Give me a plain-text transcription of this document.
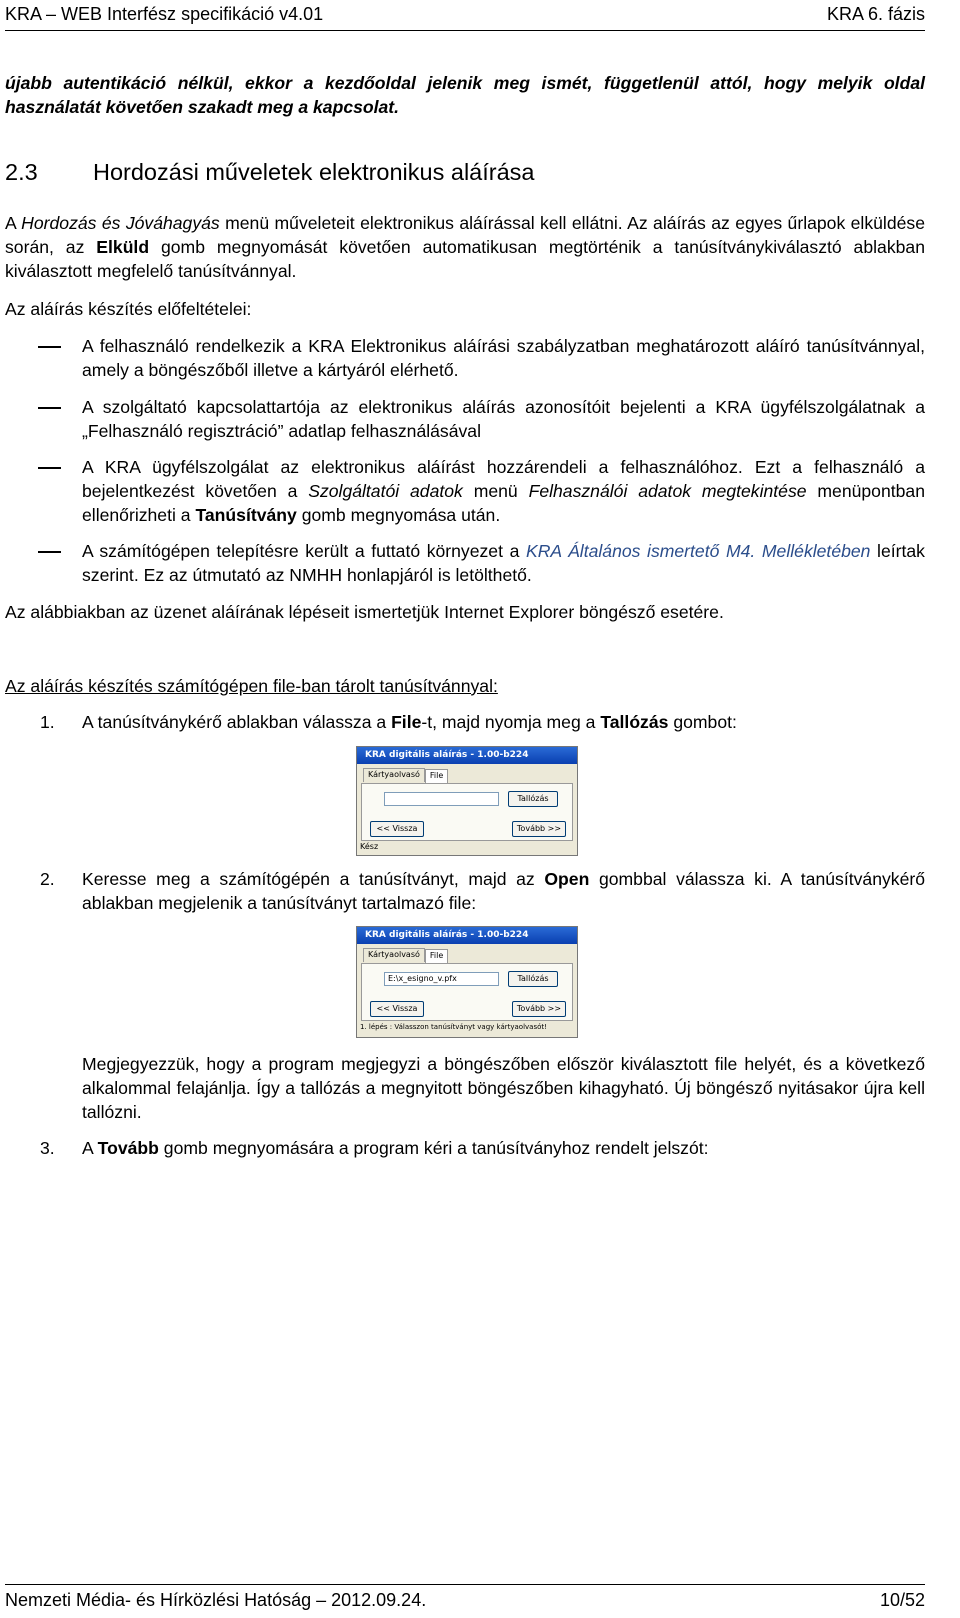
KRA – WEB Interfész specifikáció v4.01	KRA 6. fázis

újabb autentikáció nélkül, ekkor a kezdőoldal jelenik meg ismét, függetlenül attól, hogy melyik oldal használatát követően szakadt meg a kapcsolat.

2.3 Hordozási műveletek elektronikus aláírása

A Hordozás és Jóváhagyás menü műveleteit elektronikus aláírással kell ellátni. Az aláírás az egyes űrlapok elküldése során, az Elküld gomb megnyomását követően automatikusan megtörténik a tanúsítványkiválasztó ablakban kiválasztott megfelelő tanúsítvánnyal.

Az aláírás készítés előfeltételei:

A felhasználó rendelkezik a KRA Elektronikus aláírási szabályzatban meghatározott aláíró tanúsítvánnyal, amely a böngészőből illetve a kártyáról elérhető.

A szolgáltató kapcsolattartója az elektronikus aláírás azonosítóit bejelenti a KRA ügyfélszolgálatnak a „Felhasználó regisztráció” adatlap felhasználásával

A KRA ügyfélszolgálat az elektronikus aláírást hozzárendeli a felhasználóhoz. Ezt a felhasználó a bejelentkezést követően a Szolgáltatói adatok menü Felhasználói adatok megtekintése menüpontban ellenőrizheti a Tanúsítvány gomb megnyomása után.

A számítógépen telepítésre került a futtató környezet a KRA Általános ismertető M4. Mellékletében leírtak szerint. Ez az útmutató az NMHH honlapjáról is letölthető.

Az alábbiakban az üzenet aláírának lépéseit ismertetjük Internet Explorer böngésző esetére.

Az aláírás készítés számítógépen file-ban tárolt tanúsítvánnyal:

1. A tanúsítványkérő ablakban válassza a File-t, majd nyomja meg a Tallózás gombot:

KRA digitális aláírás - 1.00-b224
Kártyaolvasó	File
Tallózás
<< Vissza	Tovább >>
Kész
2. Keresse meg a számítógépén a tanúsítványt, majd az Open gombbal válassza ki. A tanúsítványkérő ablakban megjelenik a tanúsítványt tartalmazó file:

KRA digitális aláírás - 1.00-b224
Kártyaolvasó	File
E:\x_esigno_v.pfx	Tallózás
<< Vissza	Tovább >>
1. lépés : Válasszon tanúsítványt vagy kártyaolvasót!

Megjegyezzük, hogy a program megjegyzi a böngészőben először kiválasztott file helyét, és a következő alkalommal felajánlja. Így a tallózás a megnyitott böngészőben kihagyható. Új böngésző nyitásakor újra kell tallózni.

3. A Tovább gomb megnyomására a program kéri a tanúsítványhoz rendelt jelszót:

Nemzeti Média- és Hírközlési Hatóság – 2012.09.24.	10/52
